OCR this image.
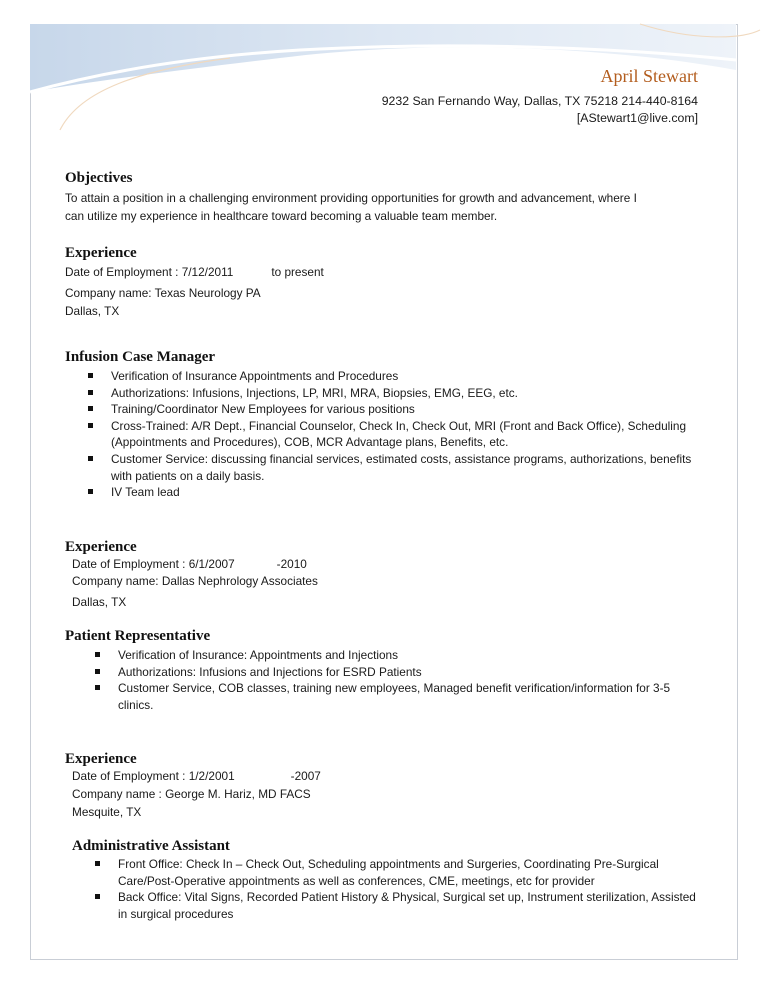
April Stewart
9232 San Fernando Way, Dallas, TX 75218 214-440-8164
[AStewart1@live.com]
Objectives
To attain a position in a challenging environment providing opportunities for growth and advancement, where I
can utilize my experience in healthcare toward becoming a valuable team member.
Experience
Date of Employment : 7/12/2011	to present
Company name: Texas Neurology PA
Dallas, TX
Infusion Case Manager
Verification of Insurance Appointments and Procedures
Authorizations: Infusions, Injections, LP, MRI, MRA, Biopsies, EMG, EEG, etc.
Training/Coordinator New Employees for various positions
Cross-Trained: A/R Dept., Financial Counselor, Check In, Check Out, MRI (Front and Back Office), Scheduling (Appointments and Procedures), COB, MCR Advantage plans, Benefits, etc.
Customer Service: discussing financial services, estimated costs, assistance programs, authorizations, benefits with patients on a daily basis.
IV Team lead
Experience
Date of Employment : 6/1/2007	-2010
Company name: Dallas Nephrology Associates
Dallas, TX
Patient Representative
Verification of Insurance: Appointments and Injections
Authorizations: Infusions and Injections for ESRD Patients
Customer Service, COB classes, training new employees, Managed benefit verification/information for 3-5 clinics.
Experience
Date of Employment : 1/2/2001	-2007
Company name : George M. Hariz, MD FACS
Mesquite, TX
Administrative Assistant
Front Office: Check In – Check Out, Scheduling appointments and Surgeries, Coordinating Pre-Surgical Care/Post-Operative appointments as well as conferences, CME, meetings, etc for provider
Back Office: Vital Signs, Recorded Patient History & Physical, Surgical set up, Instrument sterilization, Assisted in surgical procedures
